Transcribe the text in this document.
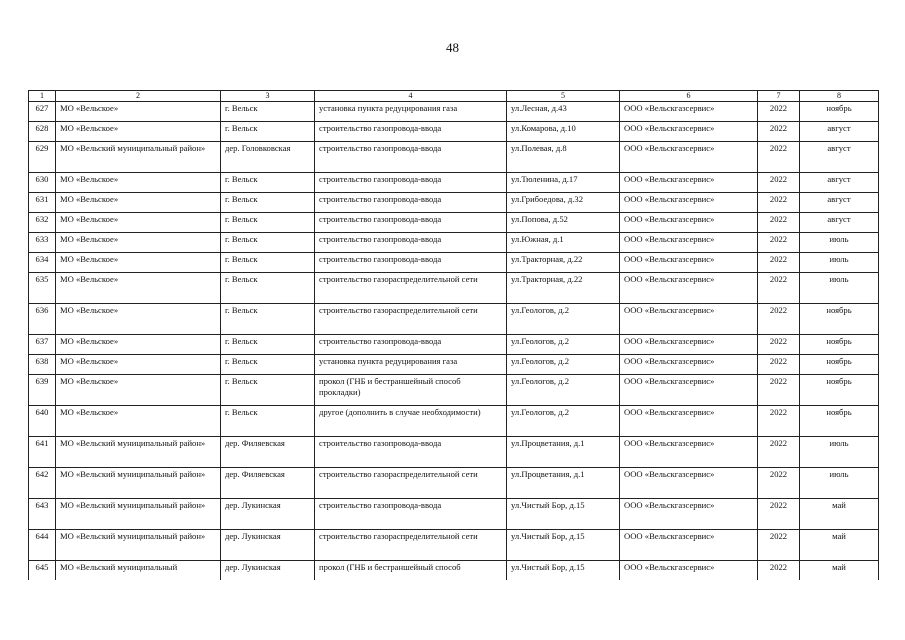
48
1	2	3	4	5	6	7	8
627	МО «Вельское»	г. Вельск	установка пункта редуцирования газа	ул.Лесная, д.43	ООО «Вельскгазсервис»	2022	ноябрь
628	МО «Вельское»	г. Вельск	строительство газопровода-ввода	ул.Комарова, д.10	ООО «Вельскгазсервис»	2022	август
629	МО «Вельский муниципальный район»	дер. Головковская	строительство газопровода-ввода	ул.Полевая, д.8	ООО «Вельскгазсервис»	2022	август
630	МО «Вельское»	г. Вельск	строительство газопровода-ввода	ул.Тюленина, д.17	ООО «Вельскгазсервис»	2022	август
631	МО «Вельское»	г. Вельск	строительство газопровода-ввода	ул.Грибоедова, д.32	ООО «Вельскгазсервис»	2022	август
632	МО «Вельское»	г. Вельск	строительство газопровода-ввода	ул.Попова, д.52	ООО «Вельскгазсервис»	2022	август
633	МО «Вельское»	г. Вельск	строительство газопровода-ввода	ул.Южная, д.1	ООО «Вельскгазсервис»	2022	июль
634	МО «Вельское»	г. Вельск	строительство газопровода-ввода	ул.Тракторная, д.22	ООО «Вельскгазсервис»	2022	июль
635	МО «Вельское»	г. Вельск	строительство газораспределительной сети	ул.Тракторная, д.22	ООО «Вельскгазсервис»	2022	июль
636	МО «Вельское»	г. Вельск	строительство газораспределительной сети	ул.Геологов, д.2	ООО «Вельскгазсервис»	2022	ноябрь
637	МО «Вельское»	г. Вельск	строительство газопровода-ввода	ул.Геологов, д.2	ООО «Вельскгазсервис»	2022	ноябрь
638	МО «Вельское»	г. Вельск	установка пункта редуцирования газа	ул.Геологов, д.2	ООО «Вельскгазсервис»	2022	ноябрь
639	МО «Вельское»	г. Вельск	прокол (ГНБ и бестраншейный способ прокладки)	ул.Геологов, д.2	ООО «Вельскгазсервис»	2022	ноябрь
640	МО «Вельское»	г. Вельск	другое (дополнить в случае необходимости)	ул.Геологов, д.2	ООО «Вельскгазсервис»	2022	ноябрь
641	МО «Вельский муниципальный район»	дер. Филяевская	строительство газопровода-ввода	ул.Процветания, д.1	ООО «Вельскгазсервис»	2022	июль
642	МО «Вельский муниципальный район»	дер. Филяевская	строительство газораспределительной сети	ул.Процветания, д.1	ООО «Вельскгазсервис»	2022	июль
643	МО «Вельский муниципальный район»	дер. Лукинская	строительство газопровода-ввода	ул.Чистый Бор, д.15	ООО «Вельскгазсервис»	2022	май
644	МО «Вельский муниципальный район»	дер. Лукинская	строительство газораспределительной сети	ул.Чистый Бор, д.15	ООО «Вельскгазсервис»	2022	май
645	МО «Вельский муниципальный	дер. Лукинская	прокол (ГНБ и бестраншейный способ	ул.Чистый Бор, д.15	ООО «Вельскгазсервис»	2022	май
